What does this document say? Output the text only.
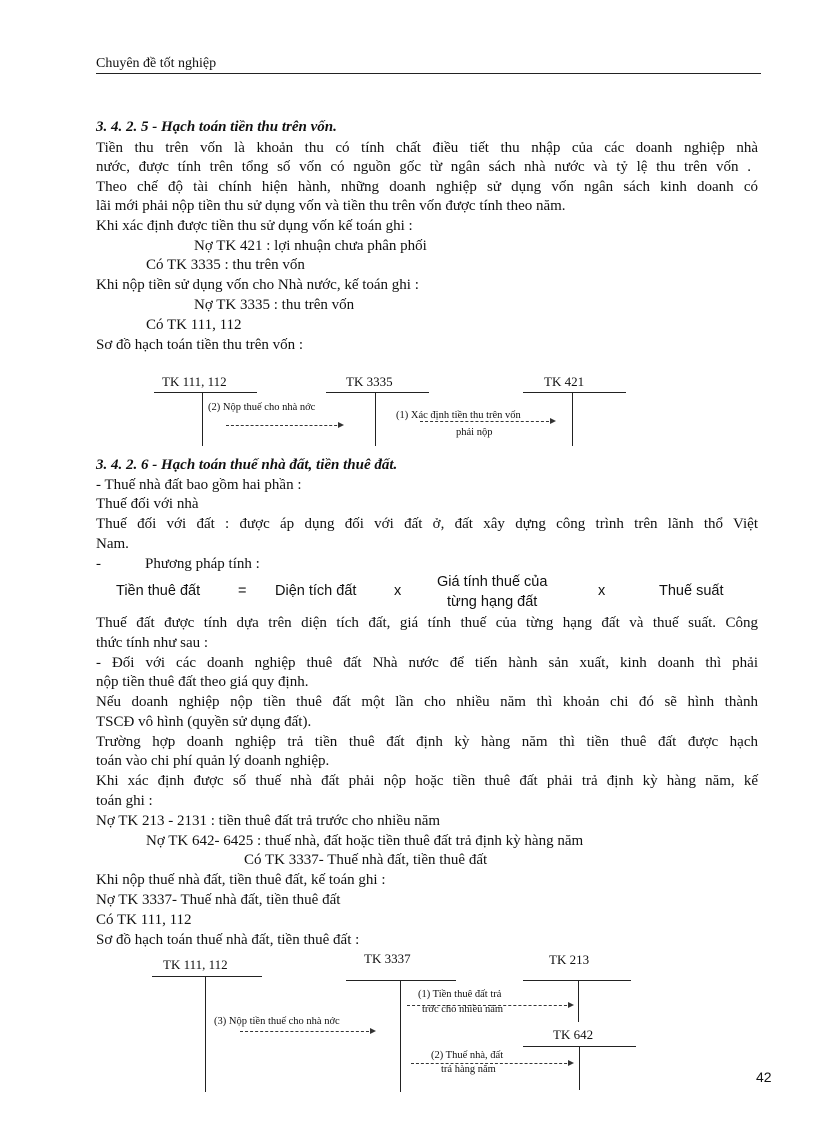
Chuyên đề tốt nghiệp
3. 4. 2. 5 - Hạch toán tiền thu trên vốn.
Tiền thu trên vốn là khoản thu có tính chất điều tiết thu nhập của các doanh nghiệp nhà
nước, được tính trên tổng số vốn có nguồn gốc từ ngân sách nhà nước và tỷ lệ thu trên vốn .
Theo chế độ tài chính hiện hành, những doanh nghiệp sử dụng vốn ngân sách kinh doanh có
lãi mới phải nộp tiền thu sử dụng vốn và tiền thu trên vốn được tính theo năm.
Khi xác định được tiền thu sử dụng vốn kế toán ghi :
Nợ TK 421 : lợi nhuận chưa phân phối
Có TK 3335 : thu trên vốn
Khi nộp tiền sử dụng vốn cho Nhà nước, kế toán ghi :
Nợ TK 3335 : thu trên vốn
Có TK 111, 112
Sơ đồ hạch toán tiền thu trên vốn :
TK 111, 112	TK 3335	TK 421
(2) Nộp thuế cho nhà nớc
(1) Xác định tiền thu trên vốn
phải nộp
3. 4. 2. 6 - Hạch toán thuế nhà đất, tiền thuê đất.
- Thuế nhà đất bao gồm hai phần :
Thuế đối với nhà
Thuế đối với đất : được áp dụng đối với đất ở, đất xây dựng công trình trên lãnh thổ Việt
Nam.
-	Phương pháp tính :
Tiền thuê đất	= Diện tích đất	x
Giá tính thuế của
từng hạng đất
x	Thuế suất
Thuế đất được tính dựa trên diện tích đất, giá tính thuế của từng hạng đất và thuế suất. Công
thức tính như sau :
- Đối với các doanh nghiệp thuê đất Nhà nước để tiến hành sản xuất, kinh doanh thì phải
nộp tiền thuê đất theo giá quy định.
Nếu doanh nghiệp nộp tiền thuê đất một lần cho nhiều năm thì khoản chi đó sẽ hình thành
TSCĐ vô hình (quyền sử dụng đất).
Trường hợp doanh nghiệp trả tiền thuê đất định kỳ hàng năm thì tiền thuê đất được hạch
toán vào chi phí quản lý doanh nghiệp.
Khi xác định được số thuế nhà đất phải nộp hoặc tiền thuê đất phải trả định kỳ hàng năm, kế
toán ghi :
Nợ TK 213 - 2131 : tiền thuê đất trả trước cho nhiều năm
Nợ TK 642- 6425 : thuế nhà, đất hoặc tiền thuê đất trả định kỳ hàng năm
Có TK 3337- Thuế nhà đất, tiền thuê đất
Khi nộp thuế nhà đất, tiền thuê đất, kế toán ghi :
Nợ TK 3337- Thuế nhà đất, tiền thuê đất
Có TK 111, 112
Sơ đồ hạch toán thuế nhà đất, tiền thuê đất :
TK 111, 112	TK 3337	TK 213
TK 642
(1) Tiền thuê đất trả
trớc cho nhiều năm
(3) Nộp tiền thuế cho nhà nớc
(2) Thuế nhà, đất
trả hàng năm	42
